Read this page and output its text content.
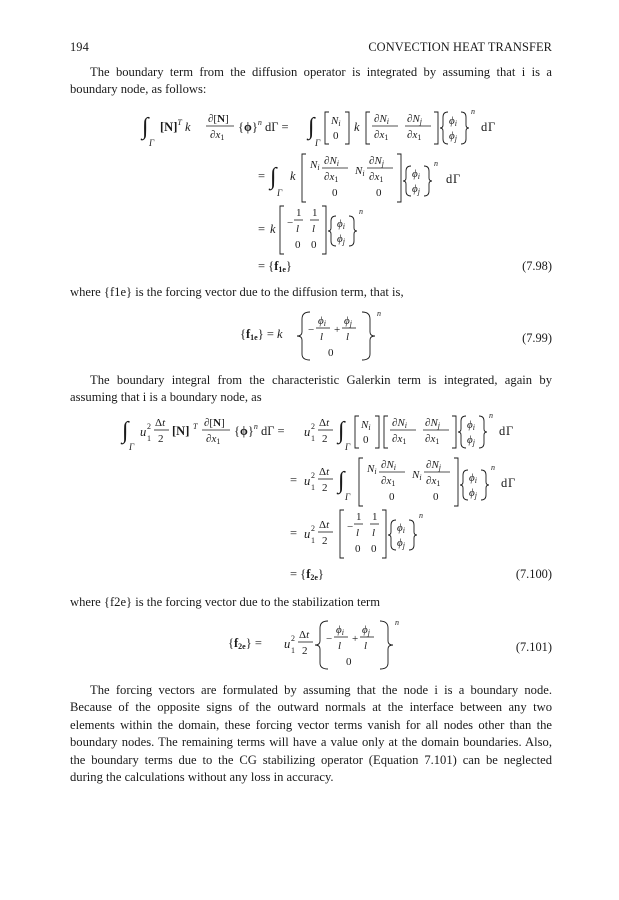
194	CONVECTION HEAT TRANSFER

The boundary term from the diffusion operator is integrated by assuming that i is a boundary node, as follows:

∫
Γ
$[N]^T$ k
∂[N]
∂x1
$\{\phi\}^n$ dΓ = ∫
Γ
Ni
0
k
∂Ni
∂x1
∂Nj
∂x1
ϕi
ϕj
n
d Γ
= ∫
Γ
k
Ni
∂Ni
∂x1
Ni
∂Nj
∂x1
0	0
ϕi
ϕj
n
d Γ
= k
1
− l
1
l
0 0
ϕi
ϕj
n
= {f1e}	(7.98)

where {f1e} is the forcing vector due to the diffusion term, that is,

{f1e} = k −
ϕi
l
+
ϕj
l
0
n
(7.99)

The boundary integral from the characteristic Galerkin term is integrated, again by assuming that i is a boundary node, as

∫
Γ
u 2
1
Δt
2
[N] T ∂[N]
∂x1
$\{\phi\}^n$ dΓ = u 2
1
Δt
2 ∫
Γ
Ni
0
∂Ni
∂x1
∂Nj
∂x1
ϕi
ϕj
n
d Γ
= u 2
1
Δt
2 ∫
Γ
Ni
∂Ni
∂x1
Ni
∂Nj
∂x1
0	0
ϕi
ϕj
n
d Γ
= u 2
1
Δt
2
1
− l
1
l
0 0
ϕi
ϕj
n
= {f2e}	(7.100)

where {f2e} is the forcing vector due to the stabilization term

{f2e} = u 2
1
Δt
2
−
ϕi
l
+
ϕj
l
0
n
(7.101)

The forcing vectors are formulated by assuming that the node i is a boundary node. Because of the opposite signs of the outward normals at the interface between any two elements within the domain, these forcing vector terms vanish for all nodes other than the boundary nodes. The remaining terms will have a value only at the domain boundaries. Also, the boundary terms due to the CG stabilizing operator (Equation 7.101) can be neglected during the calculations without any loss in accuracy.
